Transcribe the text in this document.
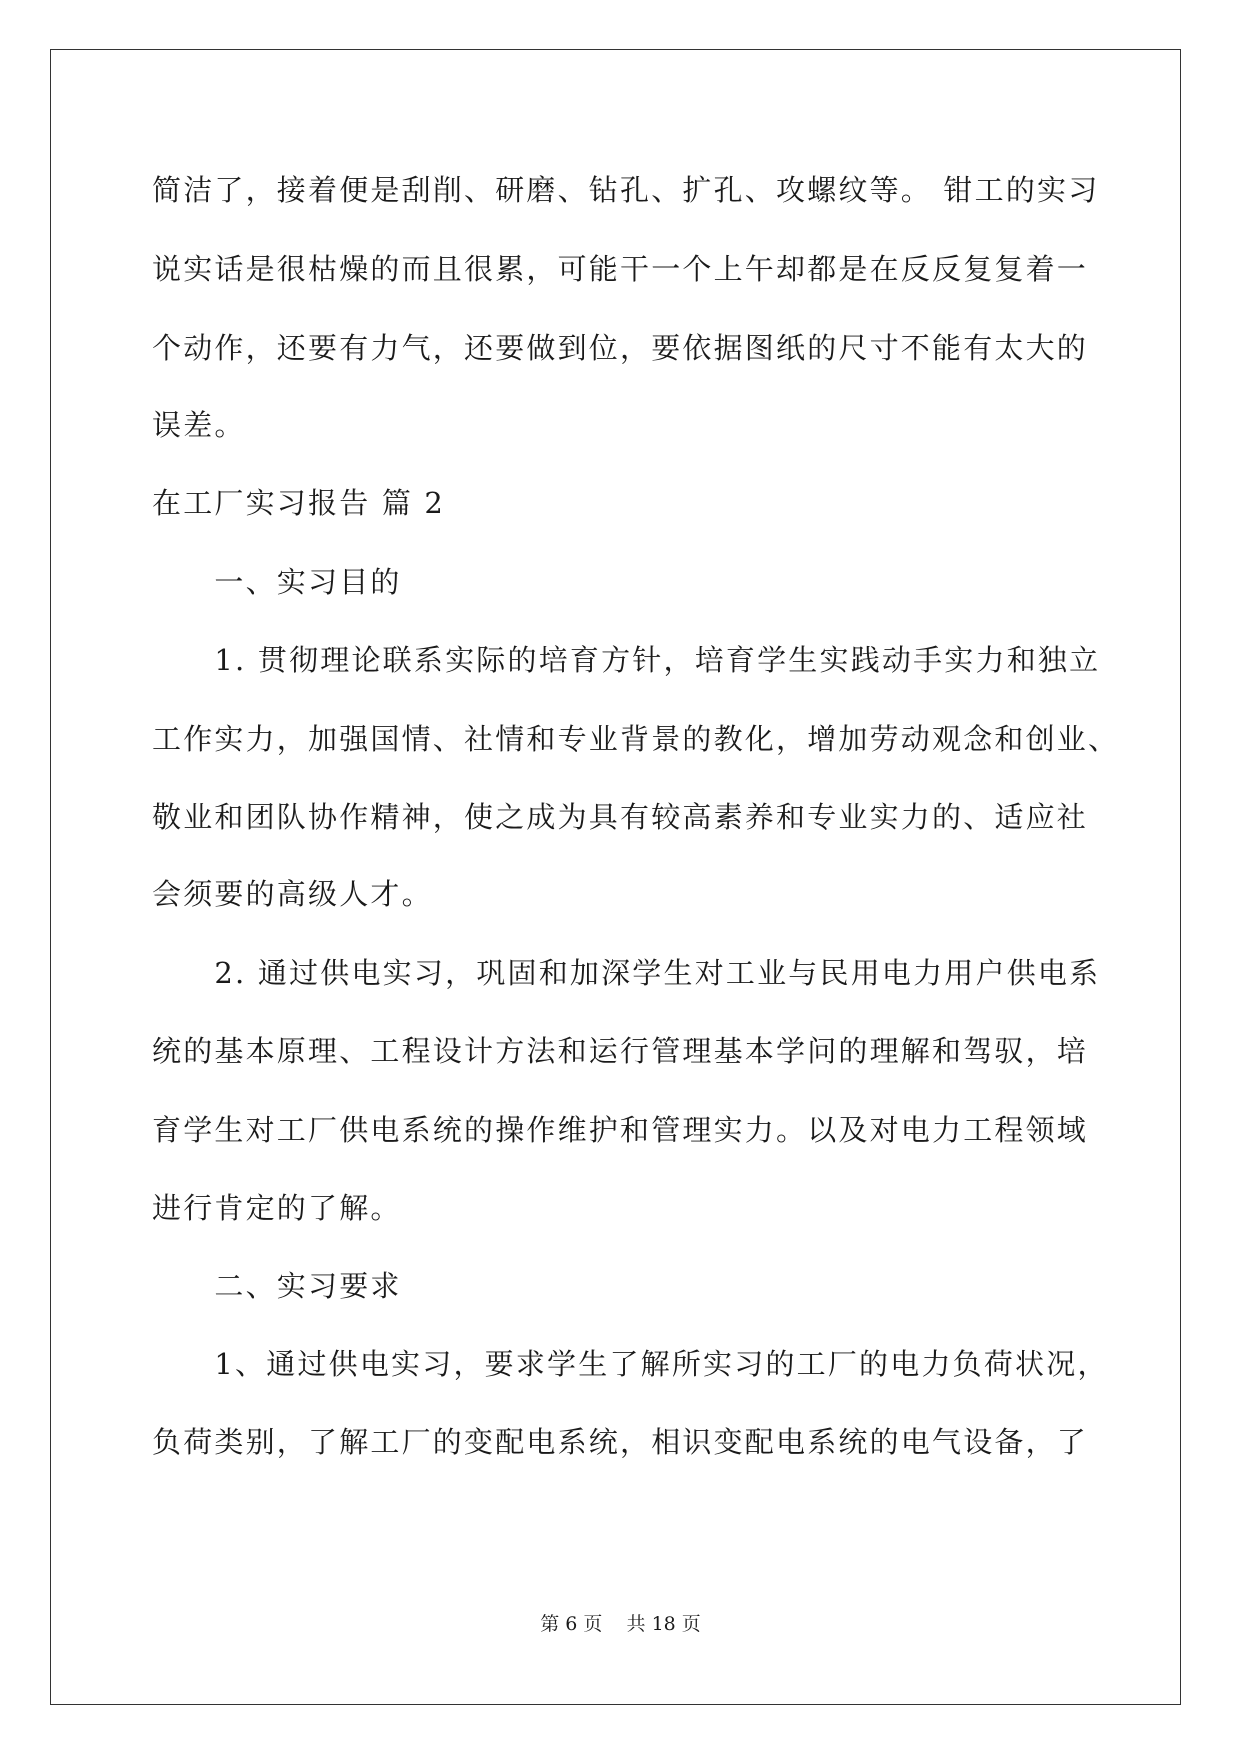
简洁了，接着便是刮削、研磨、钻孔、扩孔、攻螺纹等。 钳工的实习
说实话是很枯燥的而且很累，可能干一个上午却都是在反反复复着一
个动作，还要有力气，还要做到位，要依据图纸的尺寸不能有太大的
误差。
在工厂实习报告 篇 2
　　一、实习目的
　　1. 贯彻理论联系实际的培育方针，培育学生实践动手实力和独立
工作实力，加强国情、社情和专业背景的教化，增加劳动观念和创业、
敬业和团队协作精神，使之成为具有较高素养和专业实力的、适应社
会须要的高级人才。
　　2. 通过供电实习，巩固和加深学生对工业与民用电力用户供电系
统的基本原理、工程设计方法和运行管理基本学问的理解和驾驭，培
育学生对工厂供电系统的操作维护和管理实力。以及对电力工程领域
进行肯定的了解。
　　二、实习要求
　　1、通过供电实习，要求学生了解所实习的工厂的电力负荷状况，
负荷类别，了解工厂的变配电系统，相识变配电系统的电气设备，了
第 6 页 共 18 页
